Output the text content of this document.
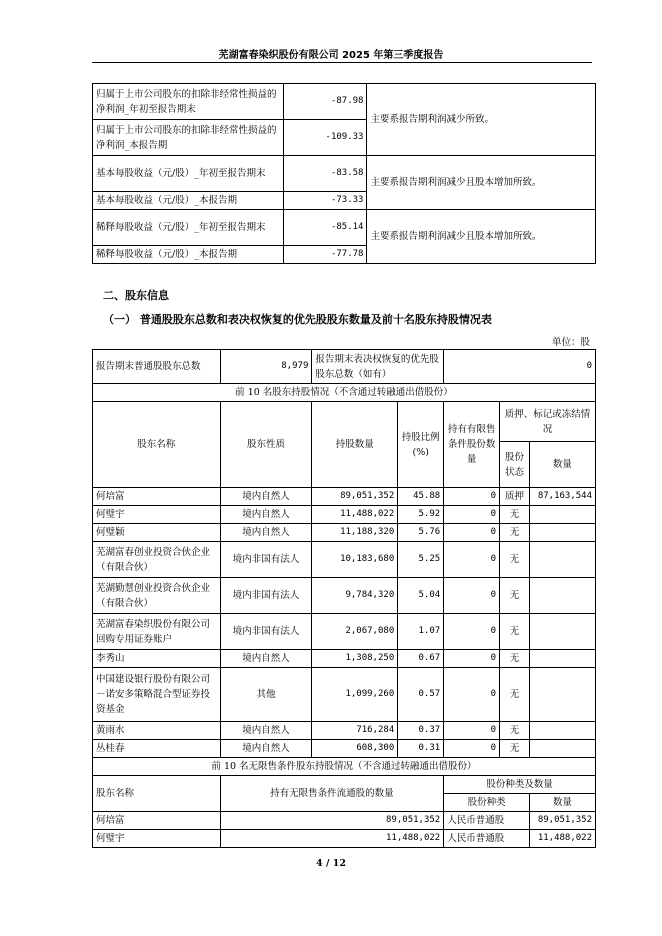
芜湖富春染织股份有限公司 2025 年第三季度报告
归属于上市公司股东的扣除非经常性损益的净利润_年初至报告期末	-87.98	主要系报告期利润减少所致。
归属于上市公司股东的扣除非经常性损益的净利润_本报告期	-109.33	
基本每股收益（元/股）_年初至报告期末	-83.58	主要系报告期利润减少且股本增加所致。
基本每股收益（元/股）_本报告期	-73.33	
稀释每股收益（元/股）_年初至报告期末	-85.14	主要系报告期利润减少且股本增加所致。
稀释每股收益（元/股）_本报告期	-77.78	
二、股东信息
（一） 普通股股东总数和表决权恢复的优先股股东数量及前十名股东持股情况表
单位：股
报告期末普通股股东总数	8,979	报告期末表决权恢复的优先股股东总数（如有）		0		
前 10 名股东持股情况（不含通过转融通出借股份）						
股东名称	股东性质	持股数量	持股比例(%)	持有有限售条件股份数量	质押、标记或冻结情况	
					股份状态	数量
何培富	境内自然人	89,051,352	45.88	0	质押	87,163,544
何璧宇	境内自然人	11,488,022	5.92	0	无	
何璧颖	境内自然人	11,188,320	5.76	0	无	
芜湖富春创业投资合伙企业（有限合伙）	境内非国有法人	10,183,680	5.25	0	无	
芜湖勤慧创业投资合伙企业（有限合伙）	境内非国有法人	9,784,320	5.04	0	无	
芜湖富春染织股份有限公司回购专用证券账户	境内非国有法人	2,067,080	1.07	0	无	
李秀山	境内自然人	1,308,250	0.67	0	无	
中国建设银行股份有限公司－诺安多策略混合型证券投资基金	其他	1,099,260	0.57	0	无	
黄雨水	境内自然人	716,284	0.37	0	无	
丛桂春	境内自然人	608,300	0.31	0	无	
前 10 名无限售条件股东持股情况（不含通过转融通出借股份）						
股东名称	持有无限售条件流通股的数量			股份种类及数量		
				股份种类		数量
何培富	89,051,352			人民币普通股		89,051,352
何璧宇	11,488,022			人民币普通股		11,488,022
4 / 12
